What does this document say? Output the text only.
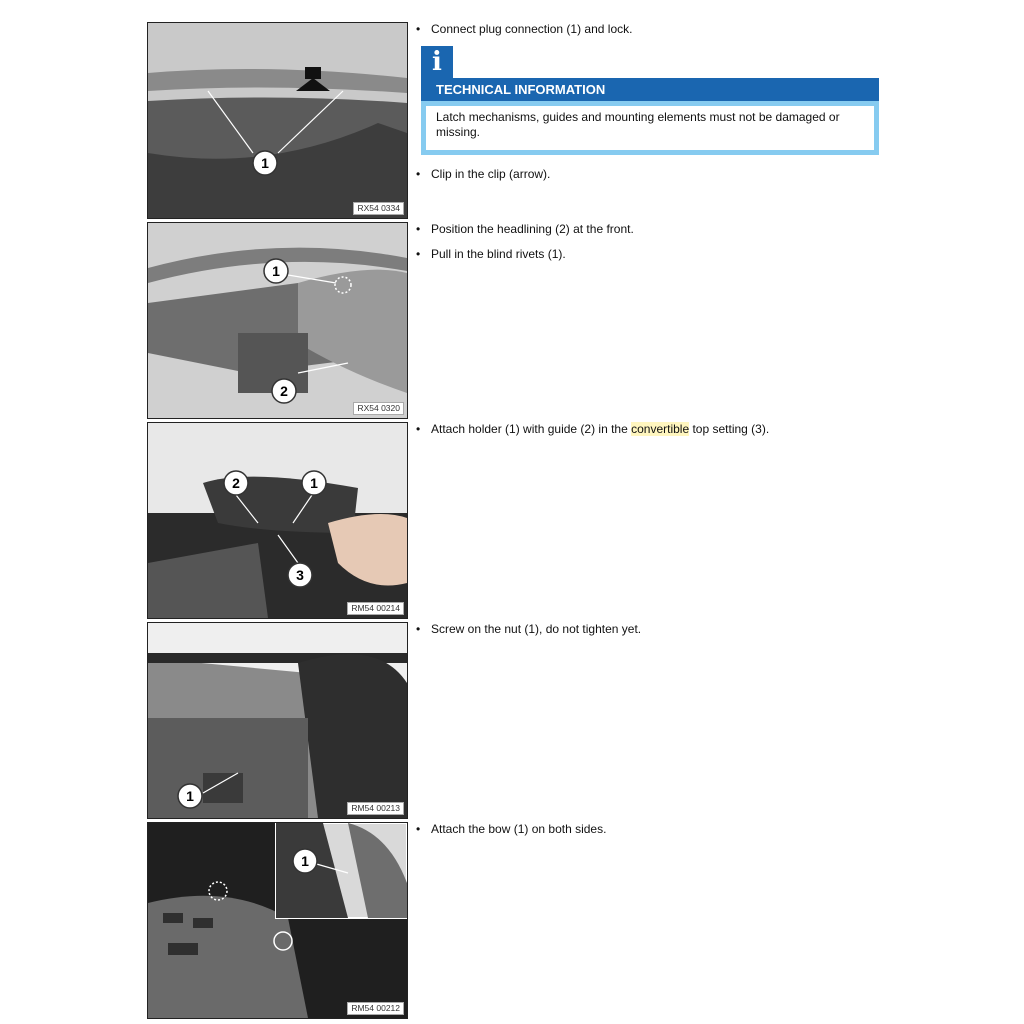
1
RX54 0334
1
2
RX54 0320
2	1
3
RM54 00214
1
RM54 00213
1
RM54 00212
• Connect plug connection (1) and lock.
i
TECHNICAL INFORMATION
Latch mechanisms, guides and mounting elements must not be damaged or missing.
• Clip in the clip (arrow).
• Position the headlining (2) at the front.
• Pull in the blind rivets (1).
• Attach holder (1) with guide (2) in the convertible top setting (3).
• Screw on the nut (1), do not tighten yet.
• Attach the bow (1) on both sides.
